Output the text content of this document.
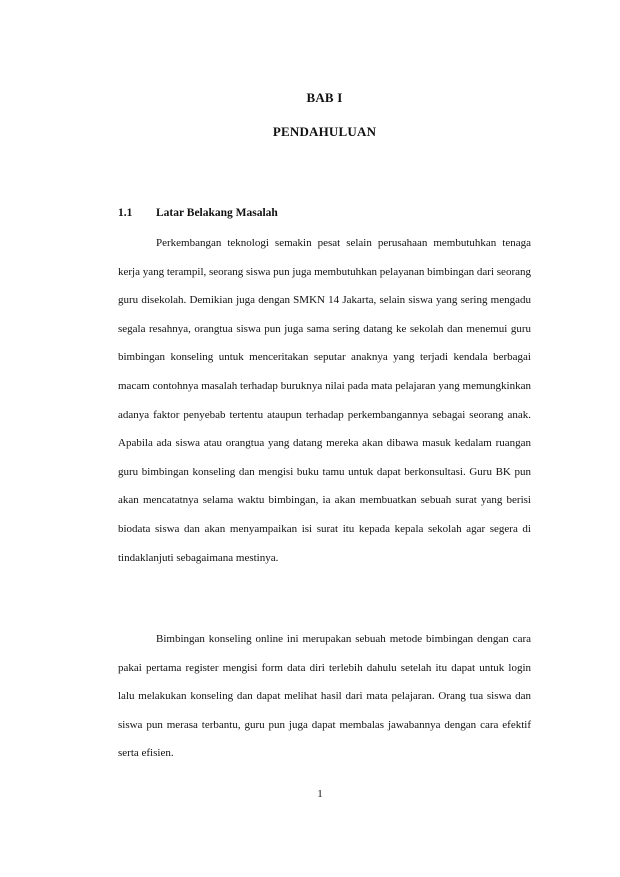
BAB I
PENDAHULUAN
1.1	Latar Belakang Masalah

Perkembangan teknologi semakin pesat selain perusahaan membutuhkan tenaga kerja yang terampil, seorang siswa pun juga membutuhkan pelayanan bimbingan dari seorang guru disekolah. Demikian juga dengan SMKN 14 Jakarta, selain siswa yang sering mengadu segala resahnya, orangtua siswa pun juga sama sering datang ke sekolah dan menemui guru bimbingan konseling untuk menceritakan seputar anaknya yang terjadi kendala berbagai macam contohnya masalah terhadap buruknya nilai pada mata pelajaran yang memungkinkan adanya faktor penyebab tertentu ataupun terhadap perkembangannya sebagai seorang anak. Apabila ada siswa atau orangtua yang datang mereka akan dibawa masuk kedalam ruangan guru bimbingan konseling dan mengisi buku tamu untuk dapat berkonsultasi. Guru BK pun akan mencatatnya selama waktu bimbingan, ia akan membuatkan sebuah surat yang berisi biodata siswa dan akan menyampaikan isi surat itu kepada kepala sekolah agar segera di tindaklanjuti sebagaimana mestinya.

Bimbingan konseling online ini merupakan sebuah metode bimbingan dengan cara pakai pertama register mengisi form data diri terlebih dahulu setelah itu dapat untuk login lalu melakukan konseling dan dapat melihat hasil dari mata pelajaran. Orang tua siswa dan siswa pun merasa terbantu, guru pun juga dapat membalas jawabannya dengan cara efektif serta efisien.

1
